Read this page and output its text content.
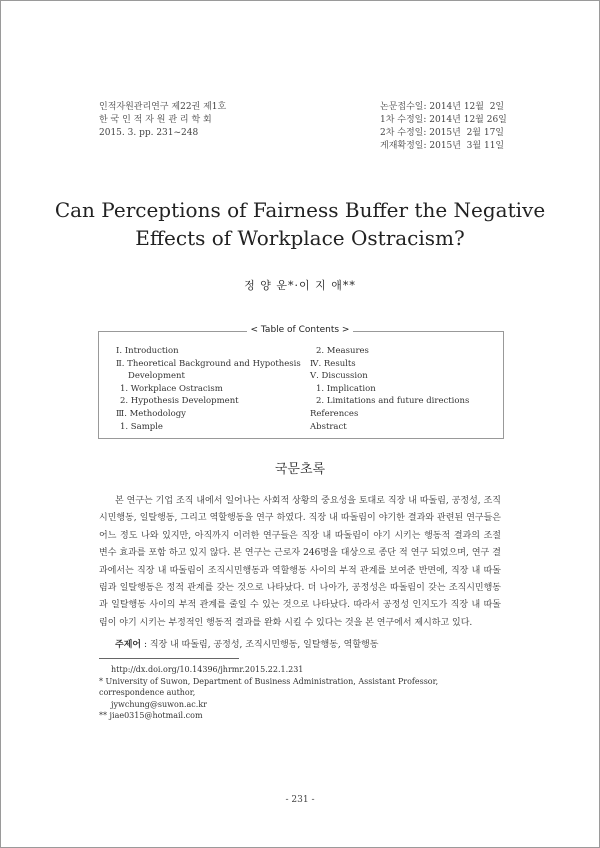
인적자원관리연구 제22권 제1호
한 국 인 적 자 원 관 리 학 회
2015. 3. pp. 231~248
논문접수일: 2014년 12월  2일
1차 수정일: 2014년 12월 26일
2차 수정일: 2015년  2월 17일
게재확정일: 2015년  3월 11일
Can Perceptions of Fairness Buffer the Negative
Effects of Workplace Ostracism?
정 양 운*·이 지 애**
< Table of Contents >
Ⅰ. Introduction
Ⅱ. Theoretical Background and Hypothesis
Development
1. Workplace Ostracism
2. Hypothesis Development
Ⅲ. Methodology
1. Sample
2. Measures
Ⅳ. Results
Ⅴ. Discussion
1. Implication
2. Limitations and future directions
References
Abstract
국문초록
본 연구는 기업 조직 내에서 일어나는 사회적 상황의 중요성을 토대로 직장 내 따돌림, 공정성, 조직시민행동, 일탈행동, 그리고 역할행동을 연구 하였다. 직장 내 따돌림이 야기한 결과와 관련된 연구들은 어느 정도 나와 있지만, 아직까지 이러한 연구들은 직장 내 따돌림이 야기 시키는 행동적 결과의 조절 변수 효과를 포함 하고 있지 않다. 본 연구는 근로자 246명을 대상으로 종단 적 연구 되었으며, 연구 결과에서는 직장 내 따돌림이 조직시민행동과 역할행동 사이의 부적 관계를 보여준 반면에, 직장 내 따돌림과 일탈행동은 정적 관계를 갖는 것으로 나타났다. 더 나아가, 공정성은 따돌림이 갖는 조직시민행동과 일탈행동 사이의 부적 관계를 줄일 수 있는 것으로 나타났다. 따라서 공정성 인지도가 직장 내 따돌림이 야기 시키는 부정적인 행동적 결과를 완화 시킬 수 있다는 것을 본 연구에서 제시하고 있다.
주제어 : 직장 내 따돌림, 공정성, 조직시민행동, 일탈행동, 역할행동
http://dx.doi.org/10.14396/jhrmr.2015.22.1.231
* University of Suwon, Department of Business Administration, Assistant Professor, correspondence author,
jywchung@suwon.ac.kr
** jiae0315@hotmail.com
- 231 -
